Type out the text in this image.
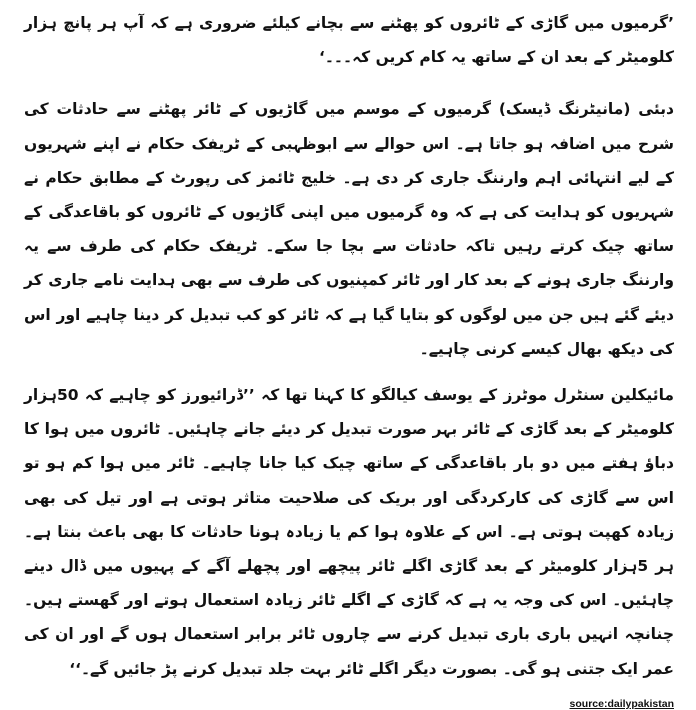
’گرمیوں میں گاڑی کے ٹائروں کو پھٹنے سے بچانے کیلئے ضروری ہے کہ آپ ہر پانچ ہزار کلومیٹر کے بعد ان کے ساتھ یہ کام کریں کہ۔۔۔‘

دبئی (مانیٹرنگ ڈیسک) گرمیوں کے موسم میں گاڑیوں کے ٹائر پھٹنے سے حادثات کی شرح میں اضافہ ہو جاتا ہے۔ اس حوالے سے ابوظہبی کے ٹریفک حکام نے اپنے شہریوں کے لیے انتہائی اہم وارننگ جاری کر دی ہے۔ خلیج ٹائمز کی رپورٹ کے مطابق حکام نے شہریوں کو ہدایت کی ہے کہ وہ گرمیوں میں اپنی گاڑیوں کے ٹائروں کو باقاعدگی کے ساتھ چیک کرتے رہیں تاکہ حادثات سے بچا جا سکے۔ ٹریفک حکام کی طرف سے یہ وارننگ جاری ہونے کے بعد کار اور ٹائر کمپنیوں کی طرف سے بھی ہدایت نامے جاری کر دیئے گئے ہیں جن میں لوگوں کو بتایا گیا ہے کہ ٹائر کو کب تبدیل کر دینا چاہیے اور اس کی دیکھ بھال کیسے کرنی چاہیے۔

مائیکلین سنٹرل موٹرز کے یوسف کیالگو کا کہنا تھا کہ ’’ڈرائیورز کو چاہیے کہ 50ہزار کلومیٹر کے بعد گاڑی کے ٹائر بہر صورت تبدیل کر دیئے جانے چاہئیں۔ ٹائروں میں ہوا کا دباؤ ہفتے میں دو بار باقاعدگی کے ساتھ چیک کیا جانا چاہیے۔ ٹائر میں ہوا کم ہو تو اس سے گاڑی کی کارکردگی اور بریک کی صلاحیت متاثر ہوتی ہے اور تیل کی بھی زیادہ کھپت ہوتی ہے۔ اس کے علاوہ ہوا کم یا زیادہ ہونا حادثات کا بھی باعث بنتا ہے۔ ہر 5ہزار کلومیٹر کے بعد گاڑی اگلے ٹائر پیچھے اور پچھلے آگے کے پہیوں میں ڈال دینے چاہئیں۔ اس کی وجہ یہ ہے کہ گاڑی کے اگلے ٹائر زیادہ استعمال ہوتے اور گھستے ہیں۔ چنانچہ انہیں باری باری تبدیل کرنے سے چاروں ٹائر برابر استعمال ہوں گے اور ان کی عمر ایک جتنی ہو گی۔ بصورت دیگر اگلے ٹائر بہت جلد تبدیل کرنے پڑ جائیں گے۔‘‘

source:dailypakistan
